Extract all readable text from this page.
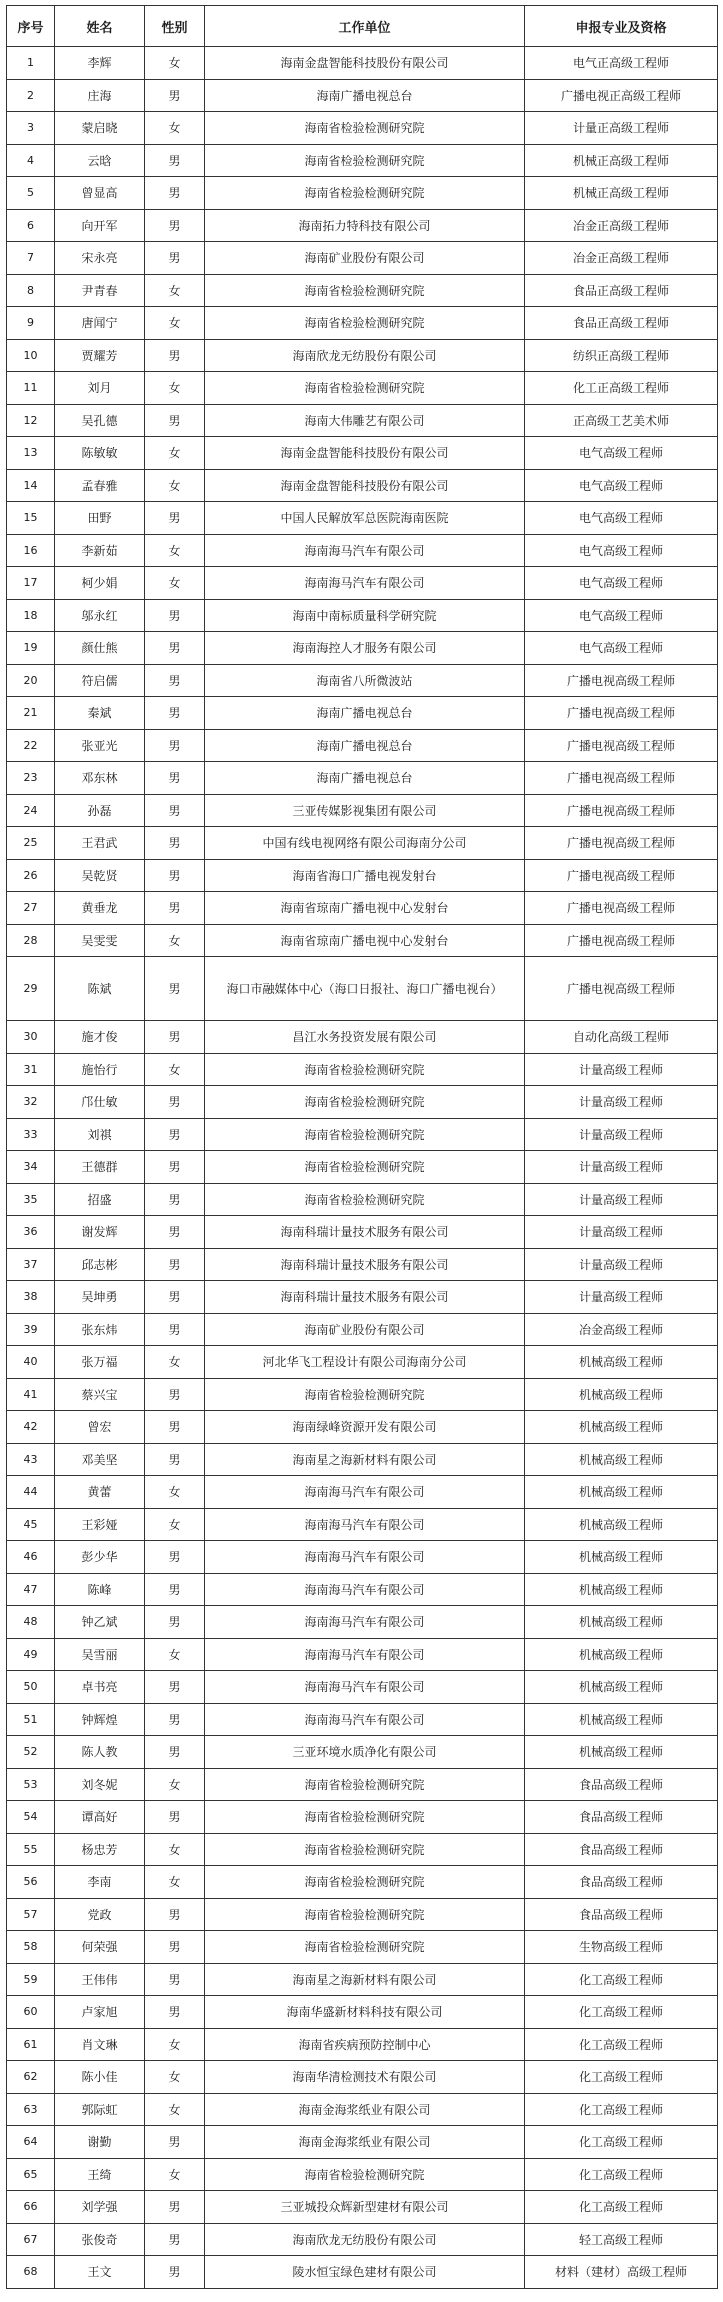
序号	姓名	性别	工作单位	申报专业及资格
1	李辉	女	海南金盘智能科技股份有限公司	电气正高级工程师
2	庄海	男	海南广播电视总台	广播电视正高级工程师
3	蒙启晓	女	海南省检验检测研究院	计量正高级工程师
4	云晗	男	海南省检验检测研究院	机械正高级工程师
5	曾显高	男	海南省检验检测研究院	机械正高级工程师
6	向开军	男	海南拓力特科技有限公司	冶金正高级工程师
7	宋永亮	男	海南矿业股份有限公司	冶金正高级工程师
8	尹青春	女	海南省检验检测研究院	食品正高级工程师
9	唐闻宁	女	海南省检验检测研究院	食品正高级工程师
10	贾耀芳	男	海南欣龙无纺股份有限公司	纺织正高级工程师
11	刘月	女	海南省检验检测研究院	化工正高级工程师
12	吴孔德	男	海南大伟雕艺有限公司	正高级工艺美术师
13	陈敏敏	女	海南金盘智能科技股份有限公司	电气高级工程师
14	孟春雅	女	海南金盘智能科技股份有限公司	电气高级工程师
15	田野	男	中国人民解放军总医院海南医院	电气高级工程师
16	李新茹	女	海南海马汽车有限公司	电气高级工程师
17	柯少娟	女	海南海马汽车有限公司	电气高级工程师
18	邬永红	男	海南中南标质量科学研究院	电气高级工程师
19	颜仕熊	男	海南海控人才服务有限公司	电气高级工程师
20	符启儒	男	海南省八所微波站	广播电视高级工程师
21	秦斌	男	海南广播电视总台	广播电视高级工程师
22	张亚光	男	海南广播电视总台	广播电视高级工程师
23	邓东林	男	海南广播电视总台	广播电视高级工程师
24	孙磊	男	三亚传媒影视集团有限公司	广播电视高级工程师
25	王君武	男	中国有线电视网络有限公司海南分公司	广播电视高级工程师
26	吴乾贤	男	海南省海口广播电视发射台	广播电视高级工程师
27	黄垂龙	男	海南省琼南广播电视中心发射台	广播电视高级工程师
28	吴雯雯	女	海南省琼南广播电视中心发射台	广播电视高级工程师
29	陈斌	男	海口市融媒体中心（海口日报社、海口广播电视台）	广播电视高级工程师
30	施才俊	男	昌江水务投资发展有限公司	自动化高级工程师
31	施怡行	女	海南省检验检测研究院	计量高级工程师
32	邝仕敏	男	海南省检验检测研究院	计量高级工程师
33	刘祺	男	海南省检验检测研究院	计量高级工程师
34	王德群	男	海南省检验检测研究院	计量高级工程师
35	招盛	男	海南省检验检测研究院	计量高级工程师
36	谢发辉	男	海南科瑞计量技术服务有限公司	计量高级工程师
37	邱志彬	男	海南科瑞计量技术服务有限公司	计量高级工程师
38	吴坤勇	男	海南科瑞计量技术服务有限公司	计量高级工程师
39	张东炜	男	海南矿业股份有限公司	冶金高级工程师
40	张万福	女	河北华飞工程设计有限公司海南分公司	机械高级工程师
41	蔡兴宝	男	海南省检验检测研究院	机械高级工程师
42	曾宏	男	海南绿峰资源开发有限公司	机械高级工程师
43	邓美坚	男	海南星之海新材料有限公司	机械高级工程师
44	黄蕾	女	海南海马汽车有限公司	机械高级工程师
45	王彩娅	女	海南海马汽车有限公司	机械高级工程师
46	彭少华	男	海南海马汽车有限公司	机械高级工程师
47	陈峰	男	海南海马汽车有限公司	机械高级工程师
48	钟乙斌	男	海南海马汽车有限公司	机械高级工程师
49	吴雪丽	女	海南海马汽车有限公司	机械高级工程师
50	卓书亮	男	海南海马汽车有限公司	机械高级工程师
51	钟辉煌	男	海南海马汽车有限公司	机械高级工程师
52	陈人教	男	三亚环境水质净化有限公司	机械高级工程师
53	刘冬妮	女	海南省检验检测研究院	食品高级工程师
54	谭高好	男	海南省检验检测研究院	食品高级工程师
55	杨忠芳	女	海南省检验检测研究院	食品高级工程师
56	李南	女	海南省检验检测研究院	食品高级工程师
57	党政	男	海南省检验检测研究院	食品高级工程师
58	何荣强	男	海南省检验检测研究院	生物高级工程师
59	王伟伟	男	海南星之海新材料有限公司	化工高级工程师
60	卢家旭	男	海南华盛新材料科技有限公司	化工高级工程师
61	肖文琳	女	海南省疾病预防控制中心	化工高级工程师
62	陈小佳	女	海南华清检测技术有限公司	化工高级工程师
63	郭际虹	女	海南金海浆纸业有限公司	化工高级工程师
64	谢勤	男	海南金海浆纸业有限公司	化工高级工程师
65	王绮	女	海南省检验检测研究院	化工高级工程师
66	刘学强	男	三亚城投众辉新型建材有限公司	化工高级工程师
67	张俊奇	男	海南欣龙无纺股份有限公司	轻工高级工程师
68	王文	男	陵水恒宝绿色建材有限公司	材料（建材）高级工程师
